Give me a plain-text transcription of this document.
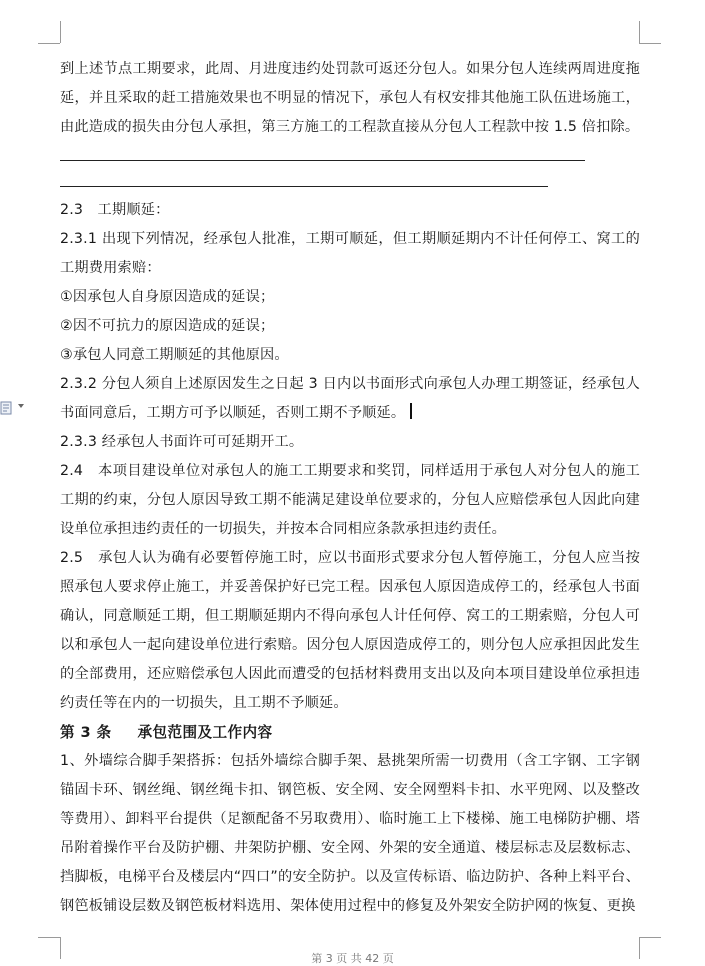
到上述节点工期要求，此周、月进度违约处罚款可返还分包人。如果分包人连续两周进度拖延，并且采取的赶工措施效果也不明显的情况下，承包人有权安排其他施工队伍进场施工，由此造成的损失由分包人承担，第三方施工的工程款直接从分包人工程款中按 1.5 倍扣除。

2.3　工期顺延：

2.3.1 出现下列情况，经承包人批准，工期可顺延，但工期顺延期内不计任何停工、窝工的工期费用索赔：

①因承包人自身原因造成的延误；

②因不可抗力的原因造成的延误；

③承包人同意工期顺延的其他原因。

2.3.2 分包人须自上述原因发生之日起 3 日内以书面形式向承包人办理工期签证，经承包人书面同意后，工期方可予以顺延，否则工期不予顺延。

2.3.3 经承包人书面许可可延期开工。

2.4　本项目建设单位对承包人的施工工期要求和奖罚，同样适用于承包人对分包人的施工工期的约束，分包人原因导致工期不能满足建设单位要求的，分包人应赔偿承包人因此向建设单位承担违约责任的一切损失，并按本合同相应条款承担违约责任。

2.5　承包人认为确有必要暂停施工时，应以书面形式要求分包人暂停施工，分包人应当按照承包人要求停止施工，并妥善保护好已完工程。因承包人原因造成停工的，经承包人书面确认，同意顺延工期，但工期顺延期内不得向承包人计任何停、窝工的工期索赔，分包人可以和承包人一起向建设单位进行索赔。因分包人原因造成停工的，则分包人应承担因此发生的全部费用，还应赔偿承包人因此而遭受的包括材料费用支出以及向本项目建设单位承担违约责任等在内的一切损失，且工期不予顺延。

第 3 条 承包范围及工作内容

1、外墙综合脚手架搭拆：包括外墙综合脚手架、悬挑架所需一切费用（含工字钢、工字钢锚固卡环、钢丝绳、钢丝绳卡扣、钢笆板、安全网、安全网塑料卡扣、水平兜网、以及整改等费用）、卸料平台提供（足额配备不另取费用）、临时施工上下楼梯、施工电梯防护棚、塔吊附着操作平台及防护棚、井架防护棚、安全网、外架的安全通道、楼层标志及层数标志、挡脚板，电梯平台及楼层内“四口”的安全防护。以及宣传标语、临边防护、各种上料平台、钢笆板铺设层数及钢笆板材料选用、架体使用过程中的修复及外架安全防护网的恢复、更换

第 3 页 共 42 页
